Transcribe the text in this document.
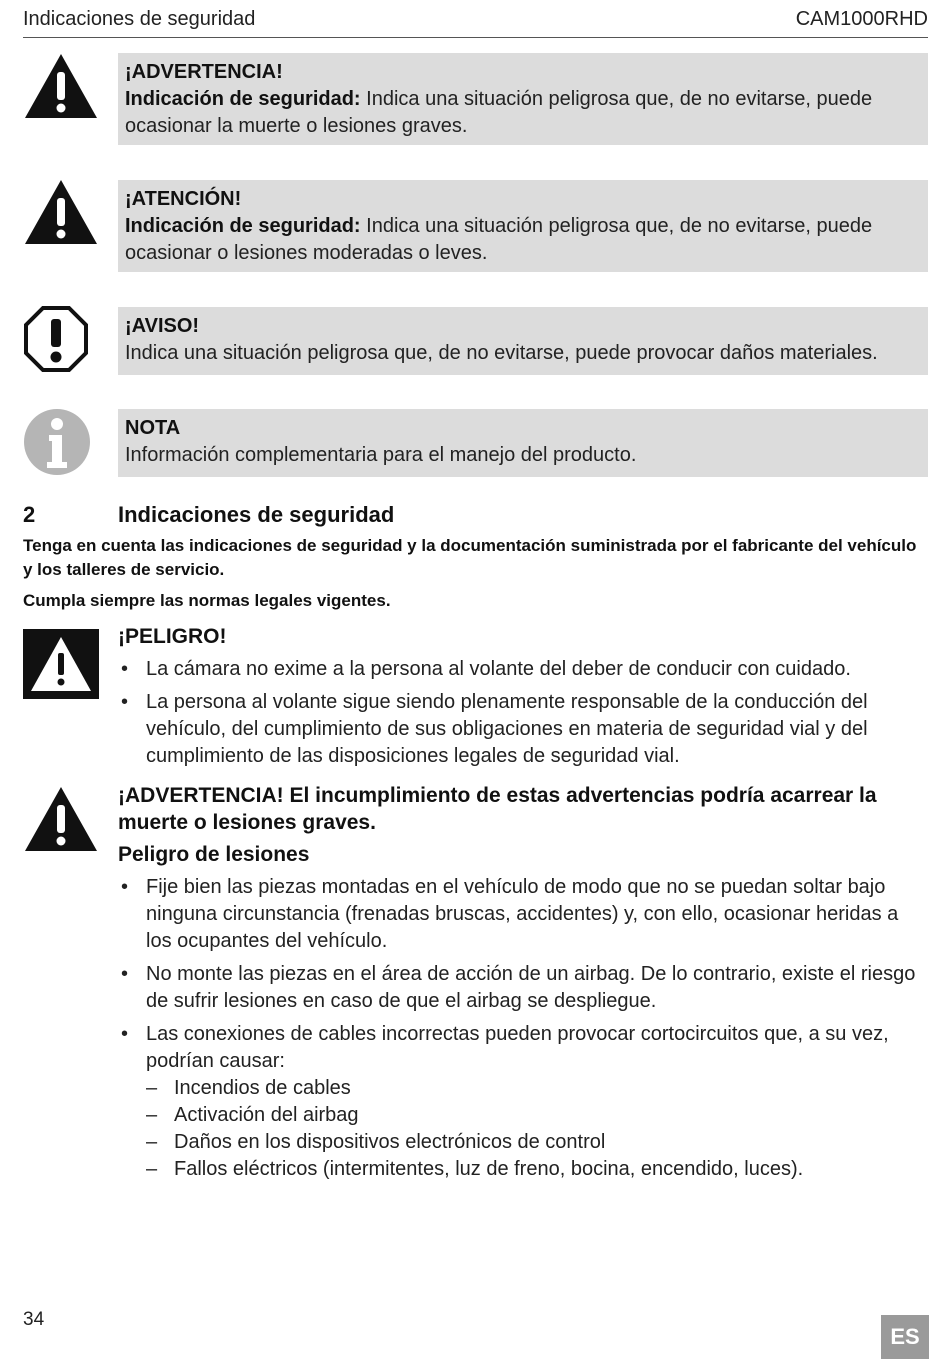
Indicaciones de seguridad	CAM1000RHD
¡ADVERTENCIA!
Indicación de seguridad: Indica una situación peligrosa que, de no evitarse, puede ocasionar la muerte o lesiones graves.
¡ATENCIÓN!
Indicación de seguridad: Indica una situación peligrosa que, de no evitarse, puede ocasionar o lesiones moderadas o leves.
¡AVISO!
Indica una situación peligrosa que, de no evitarse, puede provocar daños materiales.
NOTA
Información complementaria para el manejo del producto.
2	Indicaciones de seguridad

Tenga en cuenta las indicaciones de seguridad y la documentación suministrada por el fabricante del vehículo y los talleres de servicio.

Cumpla siempre las normas legales vigentes.

¡PELIGRO!
• La cámara no exime a la persona al volante del deber de conducir con cuidado.
• La persona al volante sigue siendo plenamente responsable de la conducción del vehículo, del cumplimiento de sus obligaciones en materia de seguridad vial y del cumplimiento de las disposiciones legales de seguridad vial.
¡ADVERTENCIA! El incumplimiento de estas advertencias podría acarrear la muerte o lesiones graves.
Peligro de lesiones
• Fije bien las piezas montadas en el vehículo de modo que no se puedan soltar bajo ninguna circunstancia (frenadas bruscas, accidentes) y, con ello, ocasionar heridas a los ocupantes del vehículo.
• No monte las piezas en el área de acción de un airbag. De lo contrario, existe el riesgo de sufrir lesiones en caso de que el airbag se despliegue.
• Las conexiones de cables incorrectas pueden provocar cortocircuitos que, a su vez, podrían causar:
– Incendios de cables
– Activación del airbag
– Daños en los dispositivos electrónicos de control
– Fallos eléctricos (intermitentes, luz de freno, bocina, encendido, luces).
34
ES
